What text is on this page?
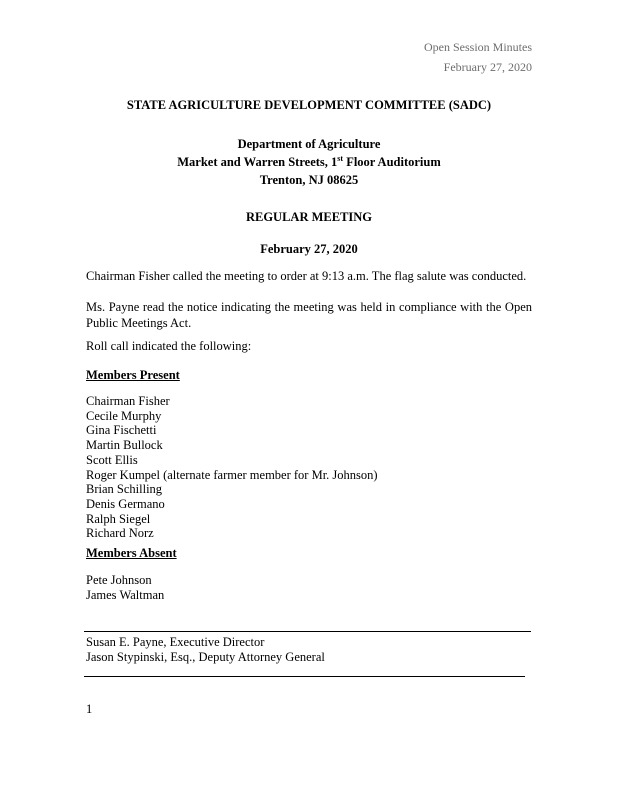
Open Session Minutes
February 27, 2020
STATE AGRICULTURE DEVELOPMENT COMMITTEE (SADC)
Department of Agriculture
Market and Warren Streets, 1st Floor Auditorium
Trenton, NJ 08625
REGULAR MEETING
February 27, 2020
Chairman Fisher called the meeting to order at 9:13 a.m. The flag salute was conducted.
Ms. Payne read the notice indicating the meeting was held in compliance with the Open Public Meetings Act.
Roll call indicated the following:
Members Present
Chairman Fisher
Cecile Murphy
Gina Fischetti
Martin Bullock
Scott Ellis
Roger Kumpel (alternate farmer member for Mr. Johnson)
Brian Schilling
Denis Germano
Ralph Siegel
Richard Norz
Members Absent
Pete Johnson
James Waltman
Susan E. Payne, Executive Director
Jason Stypinski, Esq., Deputy Attorney General
1
